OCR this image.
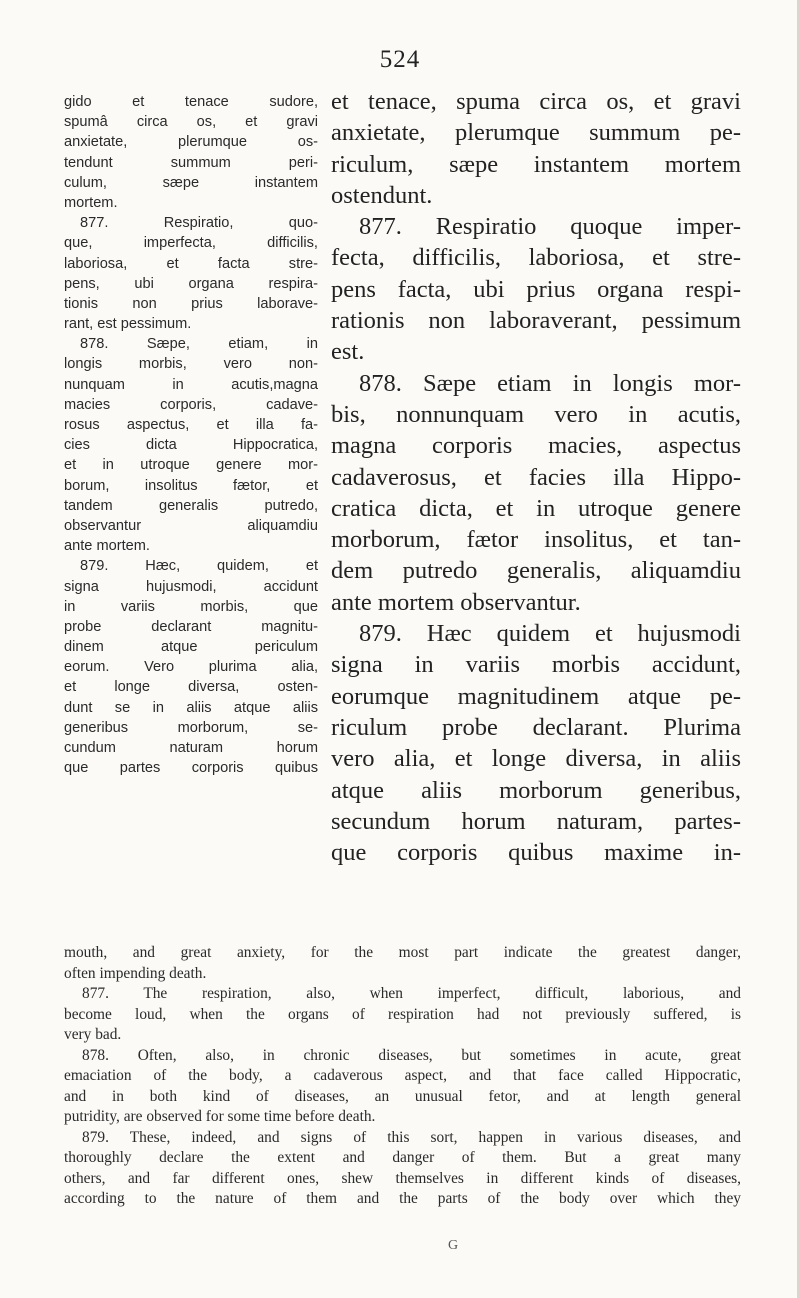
524
gido et tenace sudore,
spumâ circa os, et gravi
anxietate, plerumque os-
tendunt summum peri-
culum, sæpe instantem
mortem.
877. Respiratio, quo-
que, imperfecta, difficilis,
laboriosa, et facta stre-
pens, ubi organa respira-
tionis non prius laborave-
rant, est pessimum.
878. Sæpe, etiam, in
longis morbis, vero non-
nunquam in acutis,magna
macies corporis, cadave-
rosus aspectus, et illa fa-
cies dicta Hippocratica,
et in utroque genere mor-
borum, insolitus fætor, et
tandem generalis putredo,
observantur aliquamdiu
ante mortem.
879. Hæc, quidem, et
signa hujusmodi, accidunt
in variis morbis, que
probe declarant magnitu-
dinem atque periculum
eorum. Vero plurima alia,
et longe diversa, osten-
dunt se in aliis atque aliis
generibus morborum, se-
cundum naturam horum
que partes corporis quibus
et tenace, spuma circa os, et gravi
anxietate, plerumque summum pe-
riculum, sæpe instantem mortem
ostendunt.
877. Respiratio quoque imper-
fecta, difficilis, laboriosa, et stre-
pens facta, ubi prius organa respi-
rationis non laboraverant, pessimum
est.
878. Sæpe etiam in longis mor-
bis, nonnunquam vero in acutis,
magna corporis macies, aspectus
cadaverosus, et facies illa Hippo-
cratica dicta, et in utroque genere
morborum, fætor insolitus, et tan-
dem putredo generalis, aliquamdiu
ante mortem observantur.
879. Hæc quidem et hujusmodi
signa in variis morbis accidunt,
eorumque magnitudinem atque pe-
riculum probe declarant. Plurima
vero alia, et longe diversa, in aliis
atque aliis morborum generibus,
secundum horum naturam, partes-
que corporis quibus maxime in-
mouth, and great anxiety, for the most part indicate the greatest danger,
often impending death.
877. The respiration, also, when imperfect, difficult, laborious, and
become loud, when the organs of respiration had not previously suffered, is
very bad.
878. Often, also, in chronic diseases, but sometimes in acute, great
emaciation of the body, a cadaverous aspect, and that face called Hippocratic,
and in both kind of diseases, an unusual fetor, and at length general
putridity, are observed for some time before death.
879. These, indeed, and signs of this sort, happen in various diseases, and
thoroughly declare the extent and danger of them. But a great many
others, and far different ones, shew themselves in different kinds of diseases,
according to the nature of them and the parts of the body over which they
G
